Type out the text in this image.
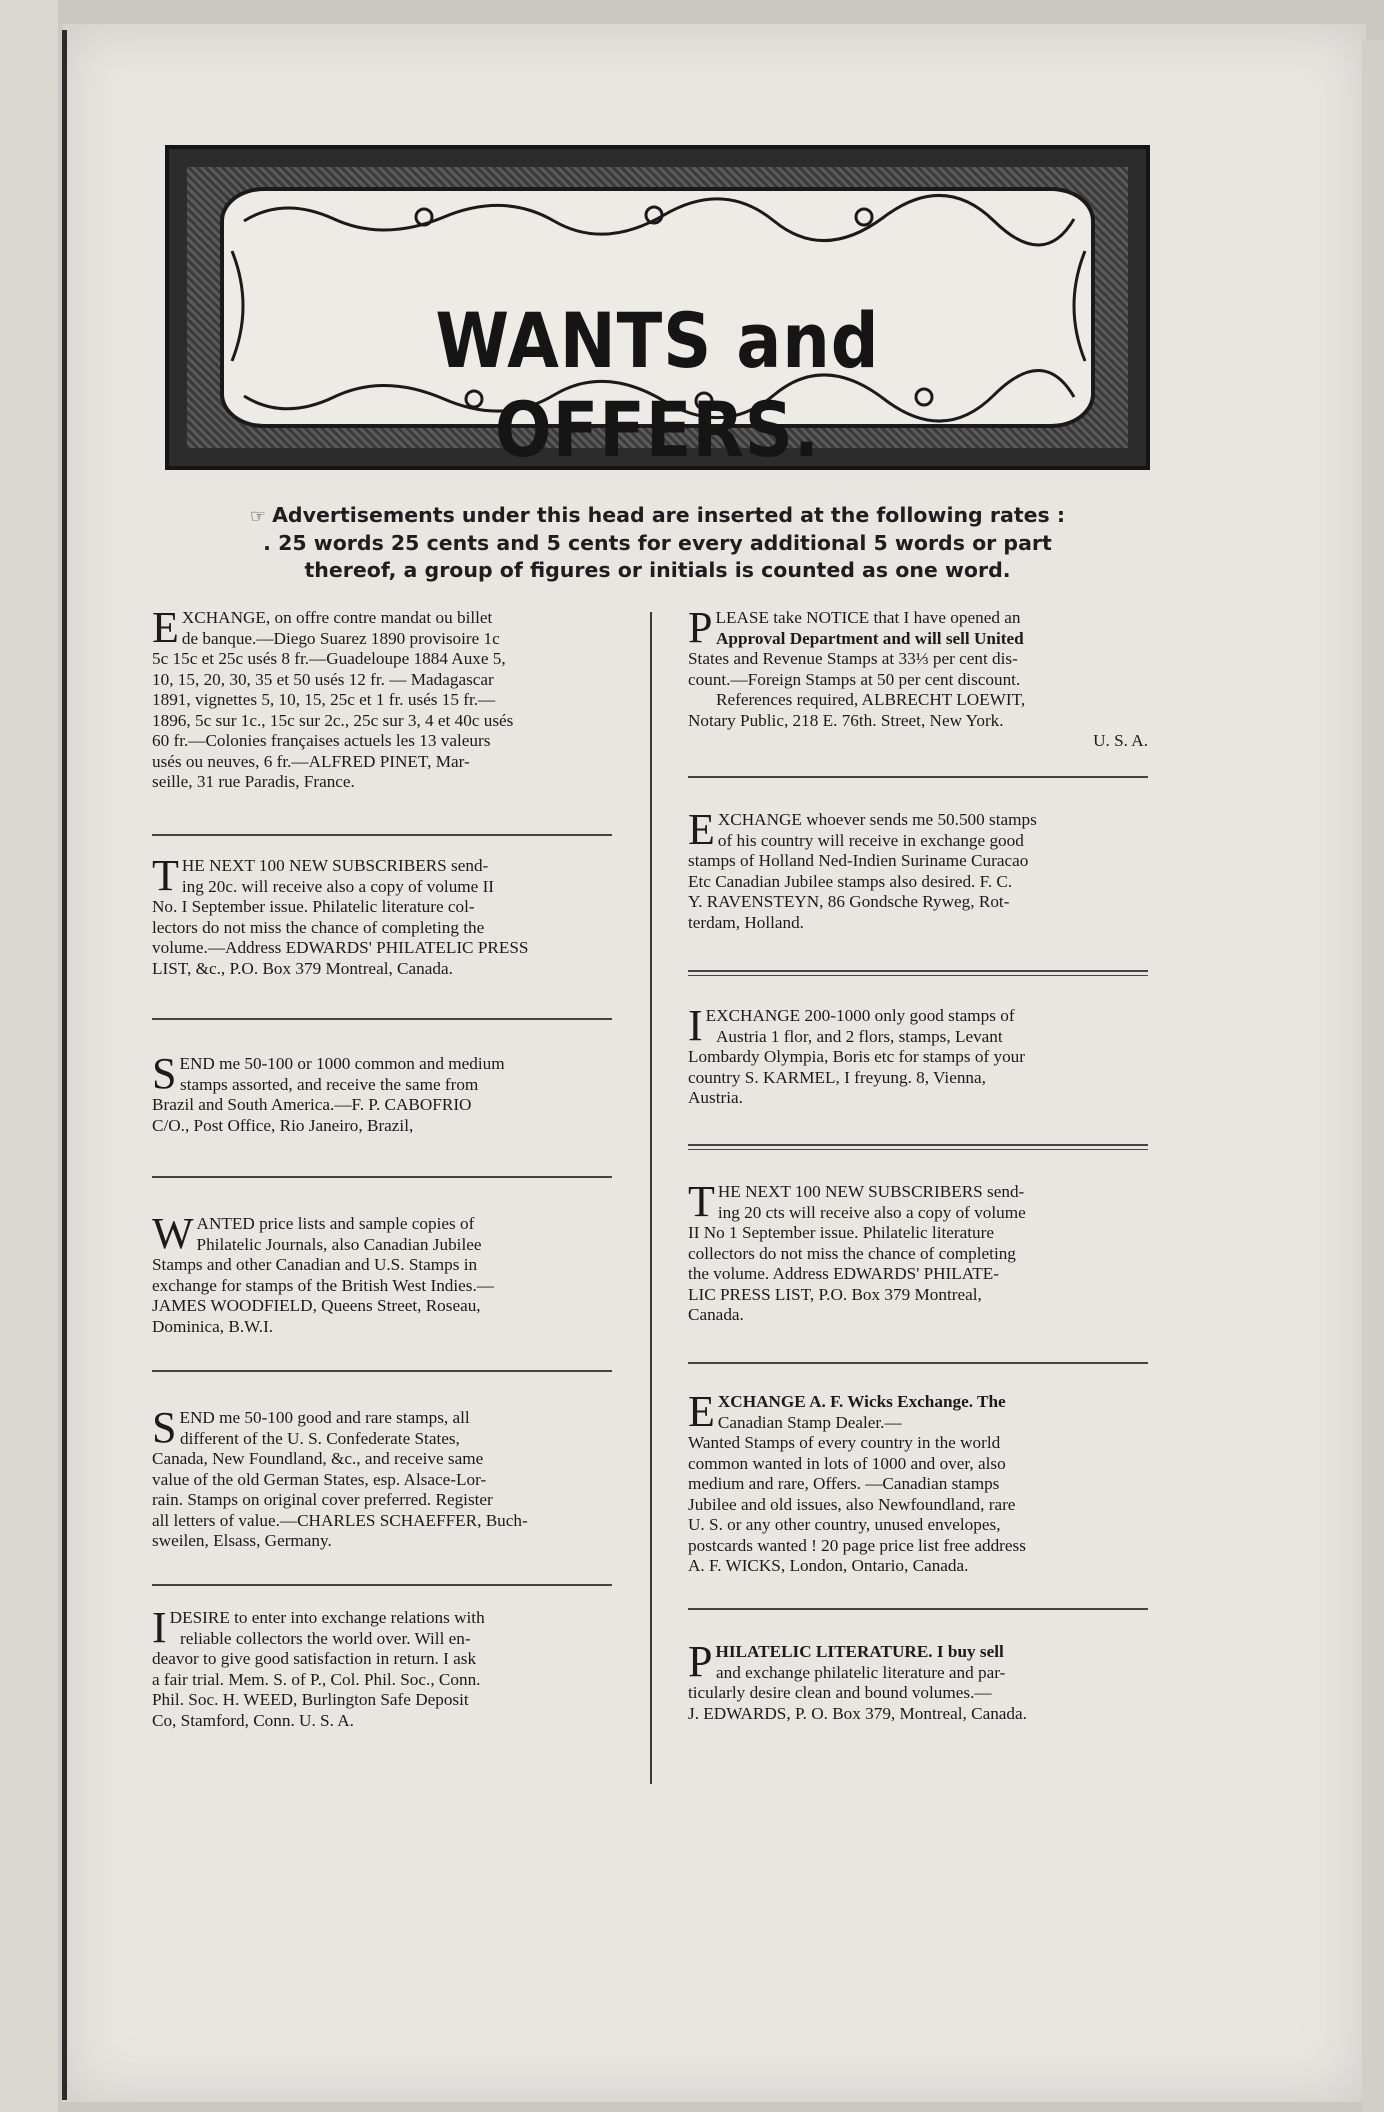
WANTS and OFFERS.
☞ Advertisements under this head are inserted at the following rates :
. 25 words 25 cents and 5 cents for every additional 5 words or part
thereof, a group of figures or initials is counted as one word.
E XCHANGE, on offre contre mandat ou billet
de banque.—Diego Suarez 1890 provisoire 1c
5c 15c et 25c usés 8 fr.—Guadeloupe 1884 Auxe 5,
10, 15, 20, 30, 35 et 50 usés 12 fr. — Madagascar
1891, vignettes 5, 10, 15, 25c et 1 fr. usés 15 fr.—
1896, 5c sur 1c., 15c sur 2c., 25c sur 3, 4 et 40c usés
60 fr.—Colonies françaises actuels les 13 valeurs
usés ou neuves, 6 fr.—ALFRED PINET, Mar-
seille, 31 rue Paradis, France.
T HE NEXT 100 NEW SUBSCRIBERS send-
ing 20c. will receive also a copy of volume II
No. I September issue. Philatelic literature col-
lectors do not miss the chance of completing the
volume.—Address EDWARDS' PHILATELIC PRESS
LIST, &c., P.O. Box 379 Montreal, Canada.
S END me 50-100 or 1000 common and medium
stamps assorted, and receive the same from
Brazil and South America.—F. P. CABOFRIO
C/O., Post Office, Rio Janeiro, Brazil,
W ANTED price lists and sample copies of
Philatelic Journals, also Canadian Jubilee
Stamps and other Canadian and U.S. Stamps in
exchange for stamps of the British West Indies.—
JAMES WOODFIELD, Queens Street, Roseau,
Dominica, B.W.I.
S END me 50-100 good and rare stamps, all
different of the U. S. Confederate States,
Canada, New Foundland, &c., and receive same
value of the old German States, esp. Alsace-Lor-
rain. Stamps on original cover preferred. Register
all letters of value.—CHARLES SCHAEFFER, Buch-
sweilen, Elsass, Germany.
I DESIRE to enter into exchange relations with
reliable collectors the world over. Will en-
deavor to give good satisfaction in return. I ask
a fair trial. Mem. S. of P., Col. Phil. Soc., Conn.
Phil. Soc. H. WEED, Burlington Safe Deposit
Co, Stamford, Conn. U. S. A.
P LEASE take NOTICE that I have opened an
Approval Department and will sell United
States and Revenue Stamps at 33⅓ per cent dis-
count.—Foreign Stamps at 50 per cent discount.
References required, ALBRECHT LOEWIT,
Notary Public, 218 E. 76th. Street, New York.
U. S. A.
E XCHANGE whoever sends me 50.500 stamps
of his country will receive in exchange good
stamps of Holland Ned-Indien Suriname Curacao
Etc Canadian Jubilee stamps also desired. F. C.
Y. RAVENSTEYN, 86 Gondsche Ryweg, Rot-
terdam, Holland.
I EXCHANGE 200-1000 only good stamps of
Austria 1 flor, and 2 flors, stamps, Levant
Lombardy Olympia, Boris etc for stamps of your
country S. KARMEL, I freyung. 8, Vienna,
Austria.
T HE NEXT 100 NEW SUBSCRIBERS send-
ing 20 cts will receive also a copy of volume
II No 1 September issue. Philatelic literature
collectors do not miss the chance of completing
the volume. Address EDWARDS' PHILATE-
LIC PRESS LIST, P.O. Box 379 Montreal,
Canada.
E XCHANGE A. F. Wicks Exchange. The
Canadian Stamp Dealer.—
Wanted Stamps of every country in the world
common wanted in lots of 1000 and over, also
medium and rare, Offers. —Canadian stamps
Jubilee and old issues, also Newfoundland, rare
U. S. or any other country, unused envelopes,
postcards wanted ! 20 page price list free address
A. F. WICKS, London, Ontario, Canada.
P HILATELIC LITERATURE. I buy sell
and exchange philatelic literature and par-
ticularly desire clean and bound volumes.—
J. EDWARDS, P. O. Box 379, Montreal, Canada.
